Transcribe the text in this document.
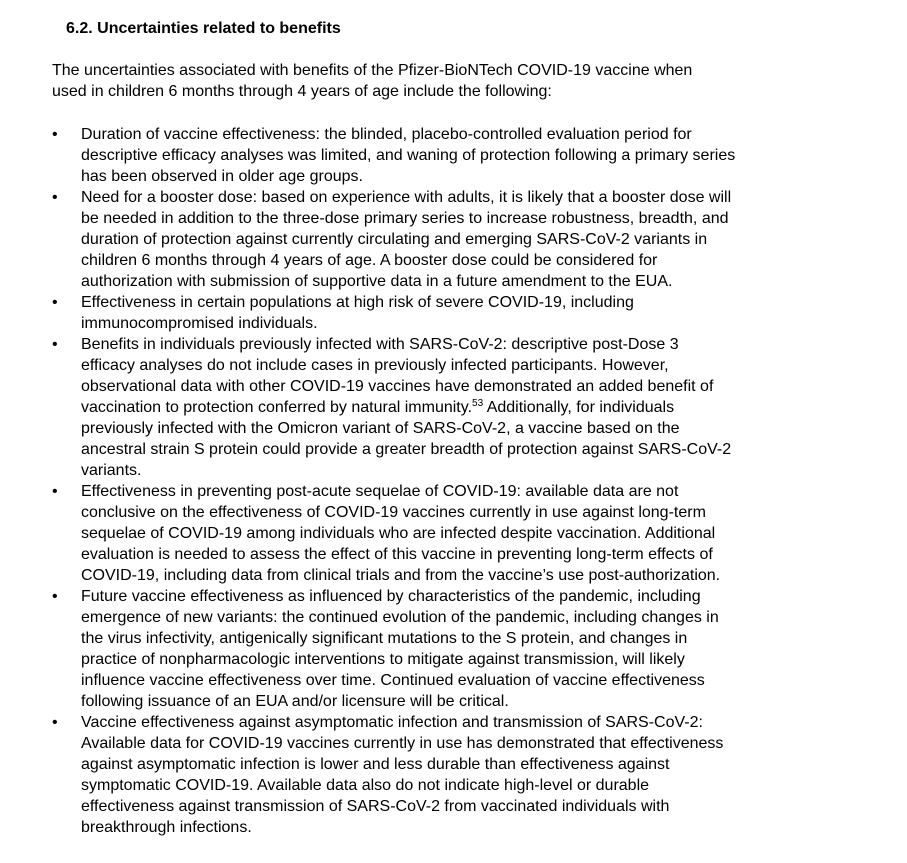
6.2. Uncertainties related to benefits

The uncertainties associated with benefits of the Pfizer-BioNTech COVID-19 vaccine when
used in children 6 months through 4 years of age include the following:

•	Duration of vaccine effectiveness: the blinded, placebo-controlled evaluation period for
descriptive efficacy analyses was limited, and waning of protection following a primary series
has been observed in older age groups.
•	Need for a booster dose: based on experience with adults, it is likely that a booster dose will
be needed in addition to the three-dose primary series to increase robustness, breadth, and
duration of protection against currently circulating and emerging SARS-CoV-2 variants in
children 6 months through 4 years of age. A booster dose could be considered for
authorization with submission of supportive data in a future amendment to the EUA.
•	Effectiveness in certain populations at high risk of severe COVID-19, including
immunocompromised individuals.
•	Benefits in individuals previously infected with SARS-CoV-2: descriptive post-Dose 3
efficacy analyses do not include cases in previously infected participants. However,
observational data with other COVID-19 vaccines have demonstrated an added benefit of
vaccination to protection conferred by natural immunity.$^{53}$ Additionally, for individuals
previously infected with the Omicron variant of SARS-CoV-2, a vaccine based on the
ancestral strain S protein could provide a greater breadth of protection against SARS-CoV-2
variants.
•	Effectiveness in preventing post-acute sequelae of COVID-19: available data are not
conclusive on the effectiveness of COVID-19 vaccines currently in use against long-term
sequelae of COVID-19 among individuals who are infected despite vaccination. Additional
evaluation is needed to assess the effect of this vaccine in preventing long-term effects of
COVID-19, including data from clinical trials and from the vaccine’s use post-authorization.
•	Future vaccine effectiveness as influenced by characteristics of the pandemic, including
emergence of new variants: the continued evolution of the pandemic, including changes in
the virus infectivity, antigenically significant mutations to the S protein, and changes in
practice of nonpharmacologic interventions to mitigate against transmission, will likely
influence vaccine effectiveness over time. Continued evaluation of vaccine effectiveness
following issuance of an EUA and/or licensure will be critical.
•	Vaccine effectiveness against asymptomatic infection and transmission of SARS-CoV-2:
Available data for COVID-19 vaccines currently in use has demonstrated that effectiveness
against asymptomatic infection is lower and less durable than effectiveness against
symptomatic COVID-19. Available data also do not indicate high-level or durable
effectiveness against transmission of SARS-CoV-2 from vaccinated individuals with
breakthrough infections.
